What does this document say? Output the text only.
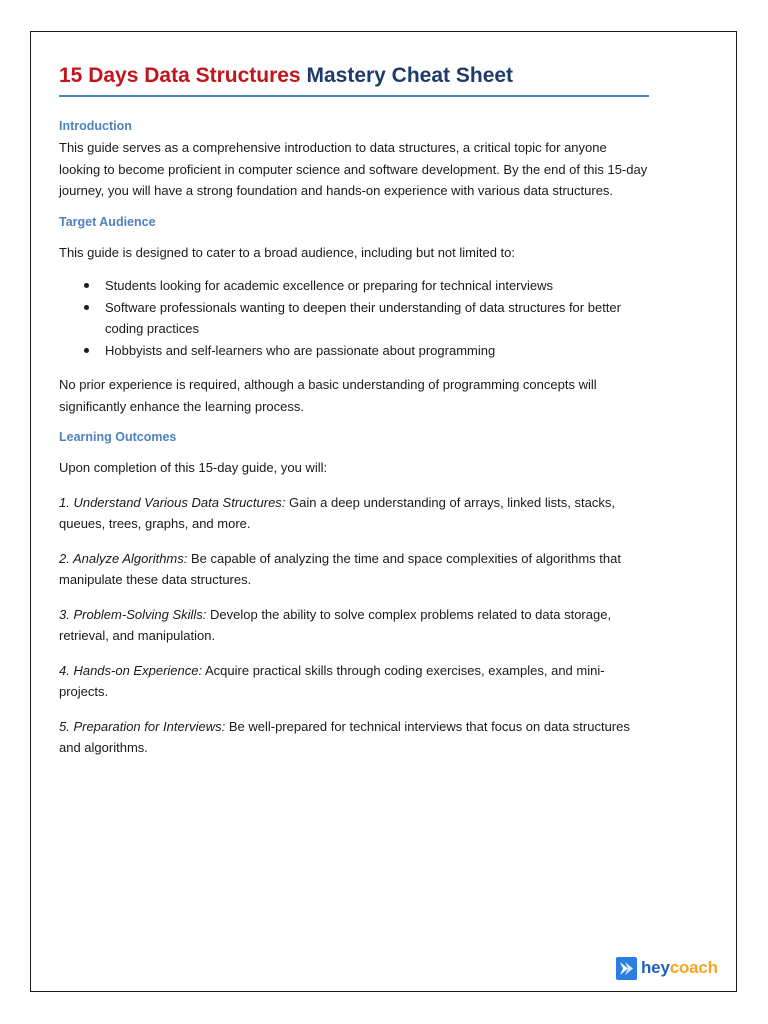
15 Days Data Structures Mastery Cheat Sheet
Introduction

This guide serves as a comprehensive introduction to data structures, a critical topic for anyone looking to become proficient in computer science and software development. By the end of this 15-day journey, you will have a strong foundation and hands-on experience with various data structures.

Target Audience

This guide is designed to cater to a broad audience, including but not limited to:

Students looking for academic excellence or preparing for technical interviews
Software professionals wanting to deepen their understanding of data structures for better coding practices
Hobbyists and self-learners who are passionate about programming

No prior experience is required, although a basic understanding of programming concepts will significantly enhance the learning process.

Learning Outcomes

Upon completion of this 15-day guide, you will:

1. Understand Various Data Structures: Gain a deep understanding of arrays, linked lists, stacks, queues, trees, graphs, and more.

2. Analyze Algorithms: Be capable of analyzing the time and space complexities of algorithms that manipulate these data structures.

3. Problem-Solving Skills: Develop the ability to solve complex problems related to data storage, retrieval, and manipulation.

4. Hands-on Experience: Acquire practical skills through coding exercises, examples, and mini-projects.

5. Preparation for Interviews: Be well-prepared for technical interviews that focus on data structures and algorithms.

heycoach
